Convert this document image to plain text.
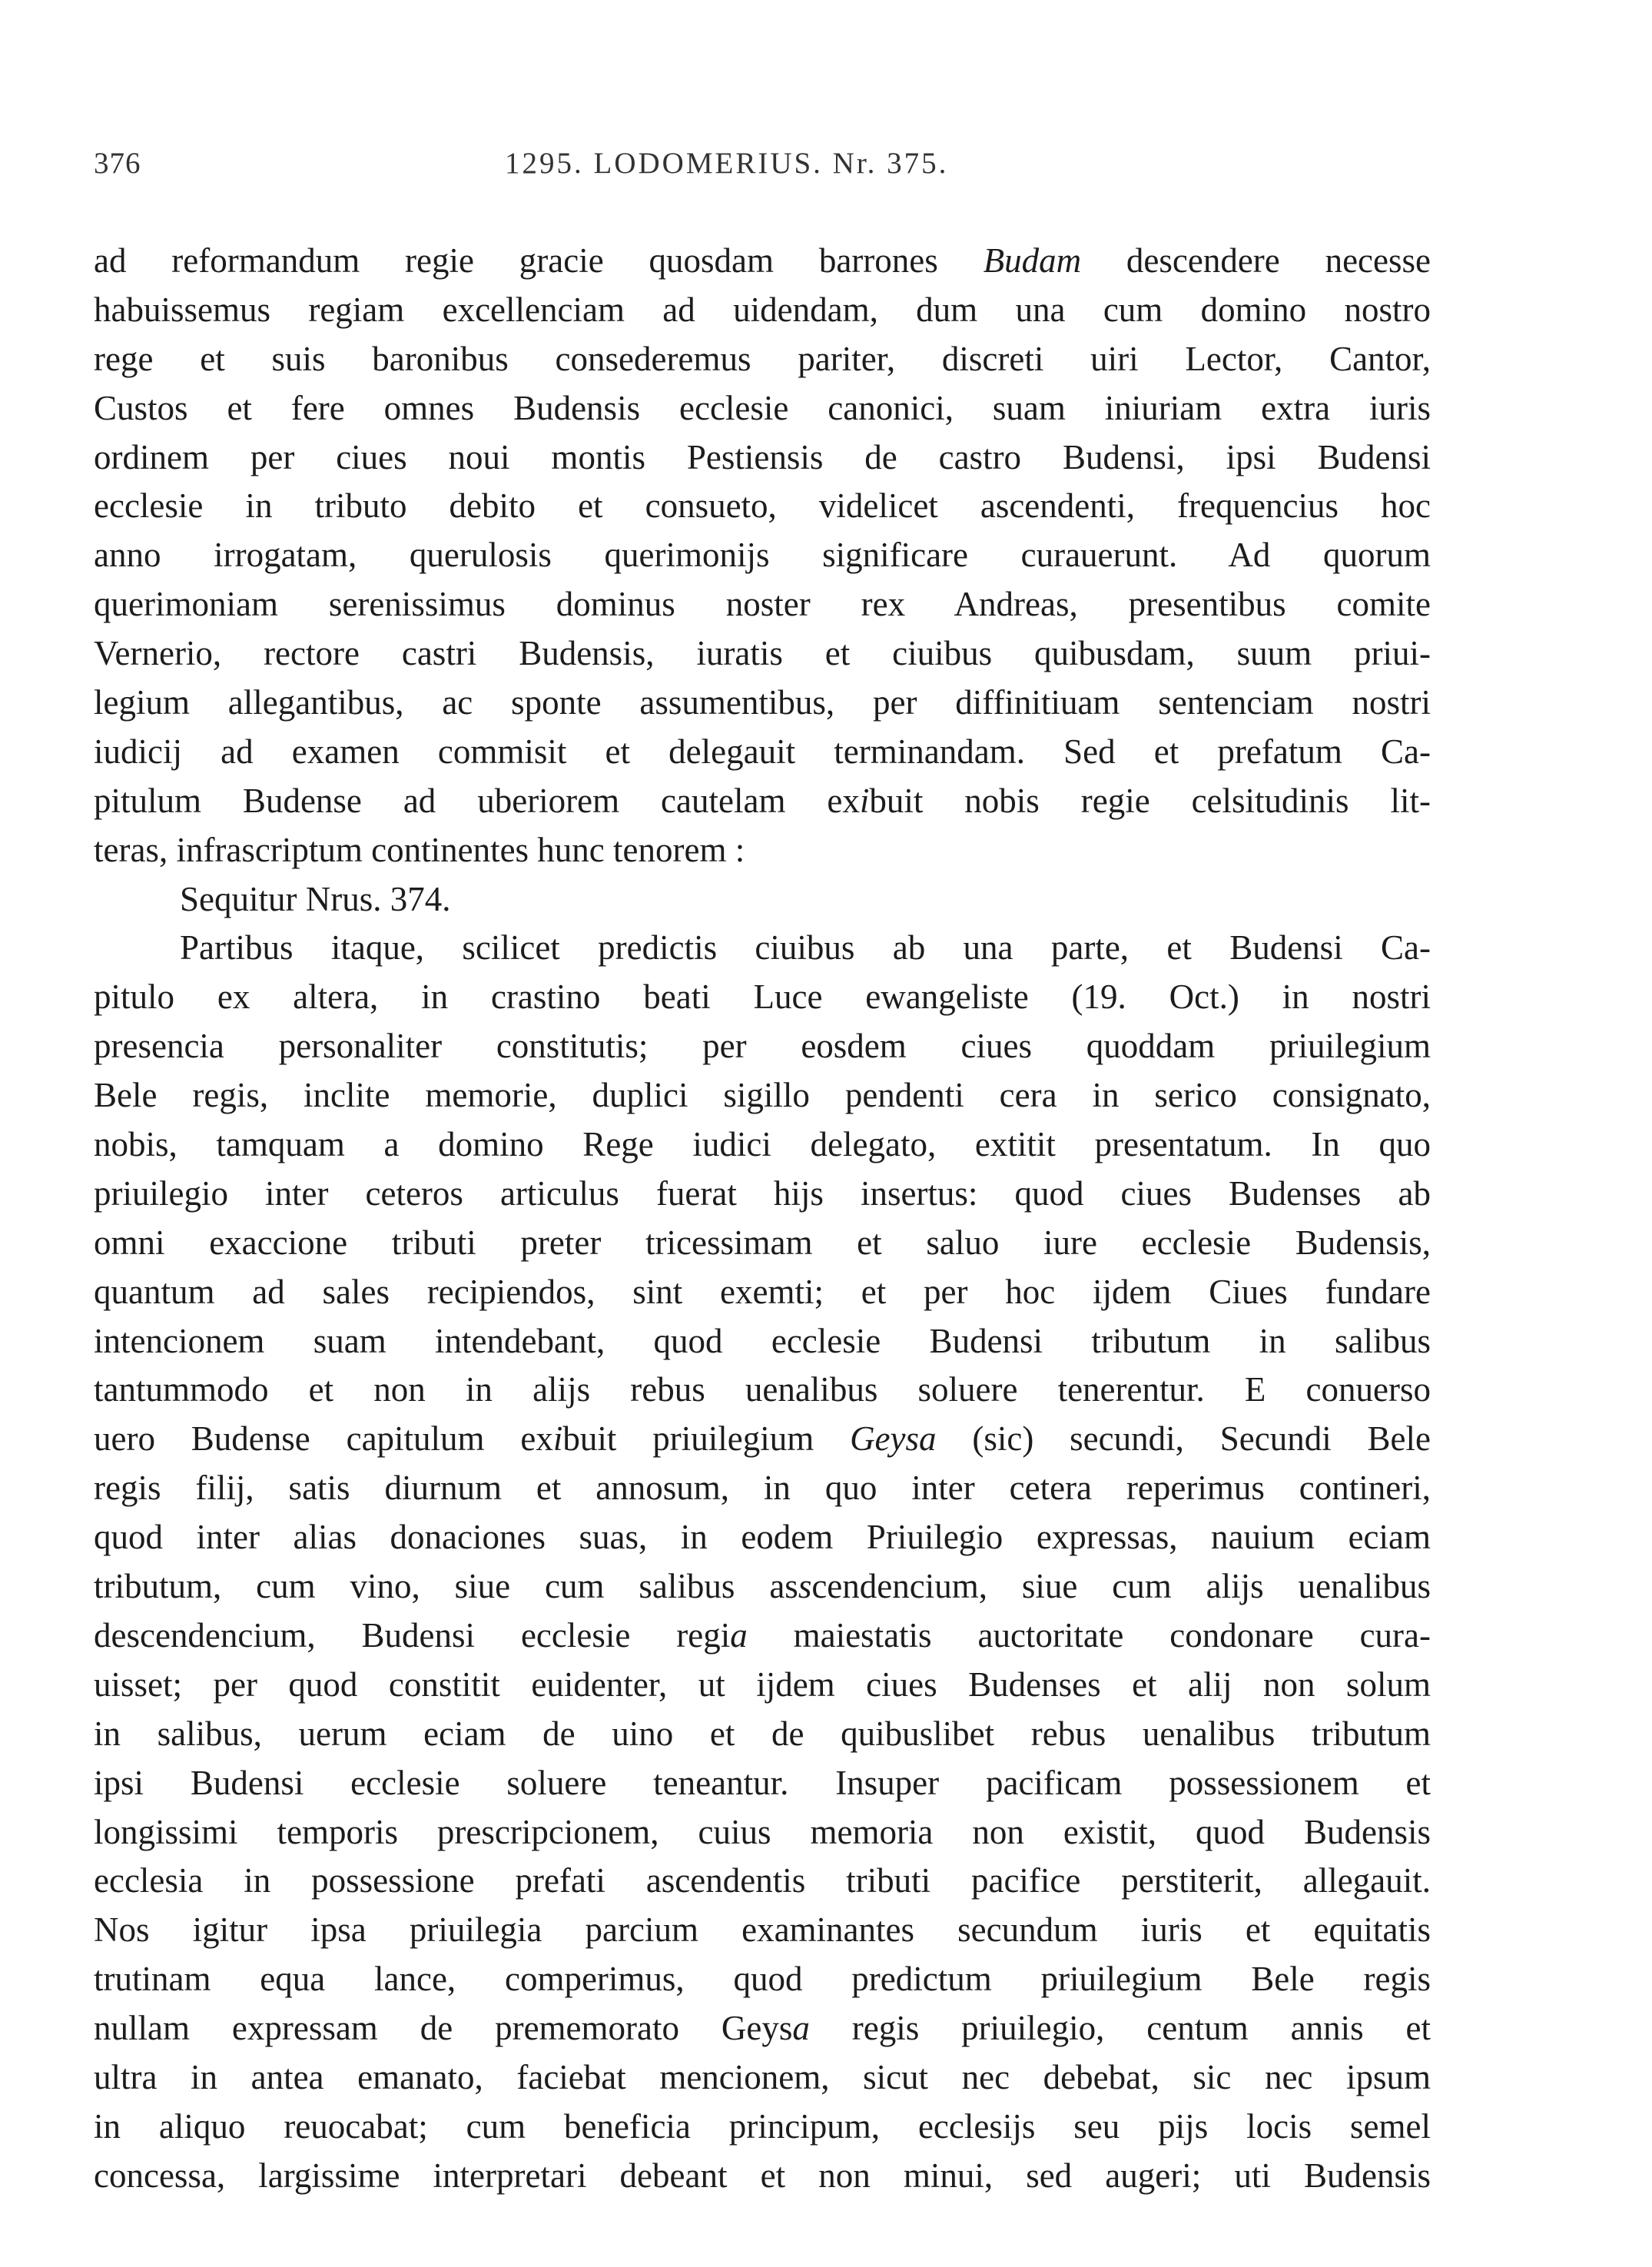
376	1295. LODOMERIUS. Nr. 375.
ad reformandum regie gracie quosdam barrones Budam descendere necesse
habuissemus regiam excellenciam ad uidendam, dum una cum domino nostro
rege et suis baronibus consederemus pariter, discreti uiri Lector, Cantor,
Custos et fere omnes Budensis ecclesie canonici, suam iniuriam extra iuris
ordinem per ciues noui montis Pestiensis de castro Budensi, ipsi Budensi
ecclesie in tributo debito et consueto, videlicet ascendenti, frequencius hoc
anno irrogatam, querulosis querimonijs significare curauerunt. Ad quorum
querimoniam serenissimus dominus noster rex Andreas, presentibus comite
Vernerio, rectore castri Budensis, iuratis et ciuibus quibusdam, suum priui-
legium allegantibus, ac sponte assumentibus, per diffinitiuam sentenciam nostri
iudicij ad examen commisit et delegauit terminandam. Sed et prefatum Ca-
pitulum Budense ad uberiorem cautelam exibuit nobis regie celsitudinis lit-
teras, infrascriptum continentes hunc tenorem :
Sequitur Nrus. 374.
Partibus itaque, scilicet predictis ciuibus ab una parte, et Budensi Ca-
pitulo ex altera, in crastino beati Luce ewangeliste (19. Oct.) in nostri
presencia personaliter constitutis; per eosdem ciues quoddam priuilegium
Bele regis, inclite memorie, duplici sigillo pendenti cera in serico consignato,
nobis, tamquam a domino Rege iudici delegato, extitit presentatum. In quo
priuilegio inter ceteros articulus fuerat hijs insertus: quod ciues Budenses ab
omni exaccione tributi preter tricessimam et saluo iure ecclesie Budensis,
quantum ad sales recipiendos, sint exemti; et per hoc ijdem Ciues fundare
intencionem suam intendebant, quod ecclesie Budensi tributum in salibus
tantummodo et non in alijs rebus uenalibus soluere tenerentur. E conuerso
uero Budense capitulum exibuit priuilegium Geysa (sic) secundi, Secundi Bele
regis filij, satis diurnum et annosum, in quo inter cetera reperimus contineri,
quod inter alias donaciones suas, in eodem Priuilegio expressas, nauium eciam
tributum, cum vino, siue cum salibus asscendencium, siue cum alijs uenalibus
descendencium, Budensi ecclesie regia maiestatis auctoritate condonare cura-
uisset; per quod constitit euidenter, ut ijdem ciues Budenses et alij non solum
in salibus, uerum eciam de uino et de quibuslibet rebus uenalibus tributum
ipsi Budensi ecclesie soluere teneantur. Insuper pacificam possessionem et
longissimi temporis prescripcionem, cuius memoria non existit, quod Budensis
ecclesia in possessione prefati ascendentis tributi pacifice perstiterit, allegauit.
Nos igitur ipsa priuilegia parcium examinantes secundum iuris et equitatis
trutinam equa lance, comperimus, quod predictum priuilegium Bele regis
nullam expressam de prememorato Geysa regis priuilegio, centum annis et
ultra in antea emanato, faciebat mencionem, sicut nec debebat, sic nec ipsum
in aliquo reuocabat; cum beneficia principum, ecclesijs seu pijs locis semel
concessa, largissime interpretari debeant et non minui, sed augeri; uti Budensis
